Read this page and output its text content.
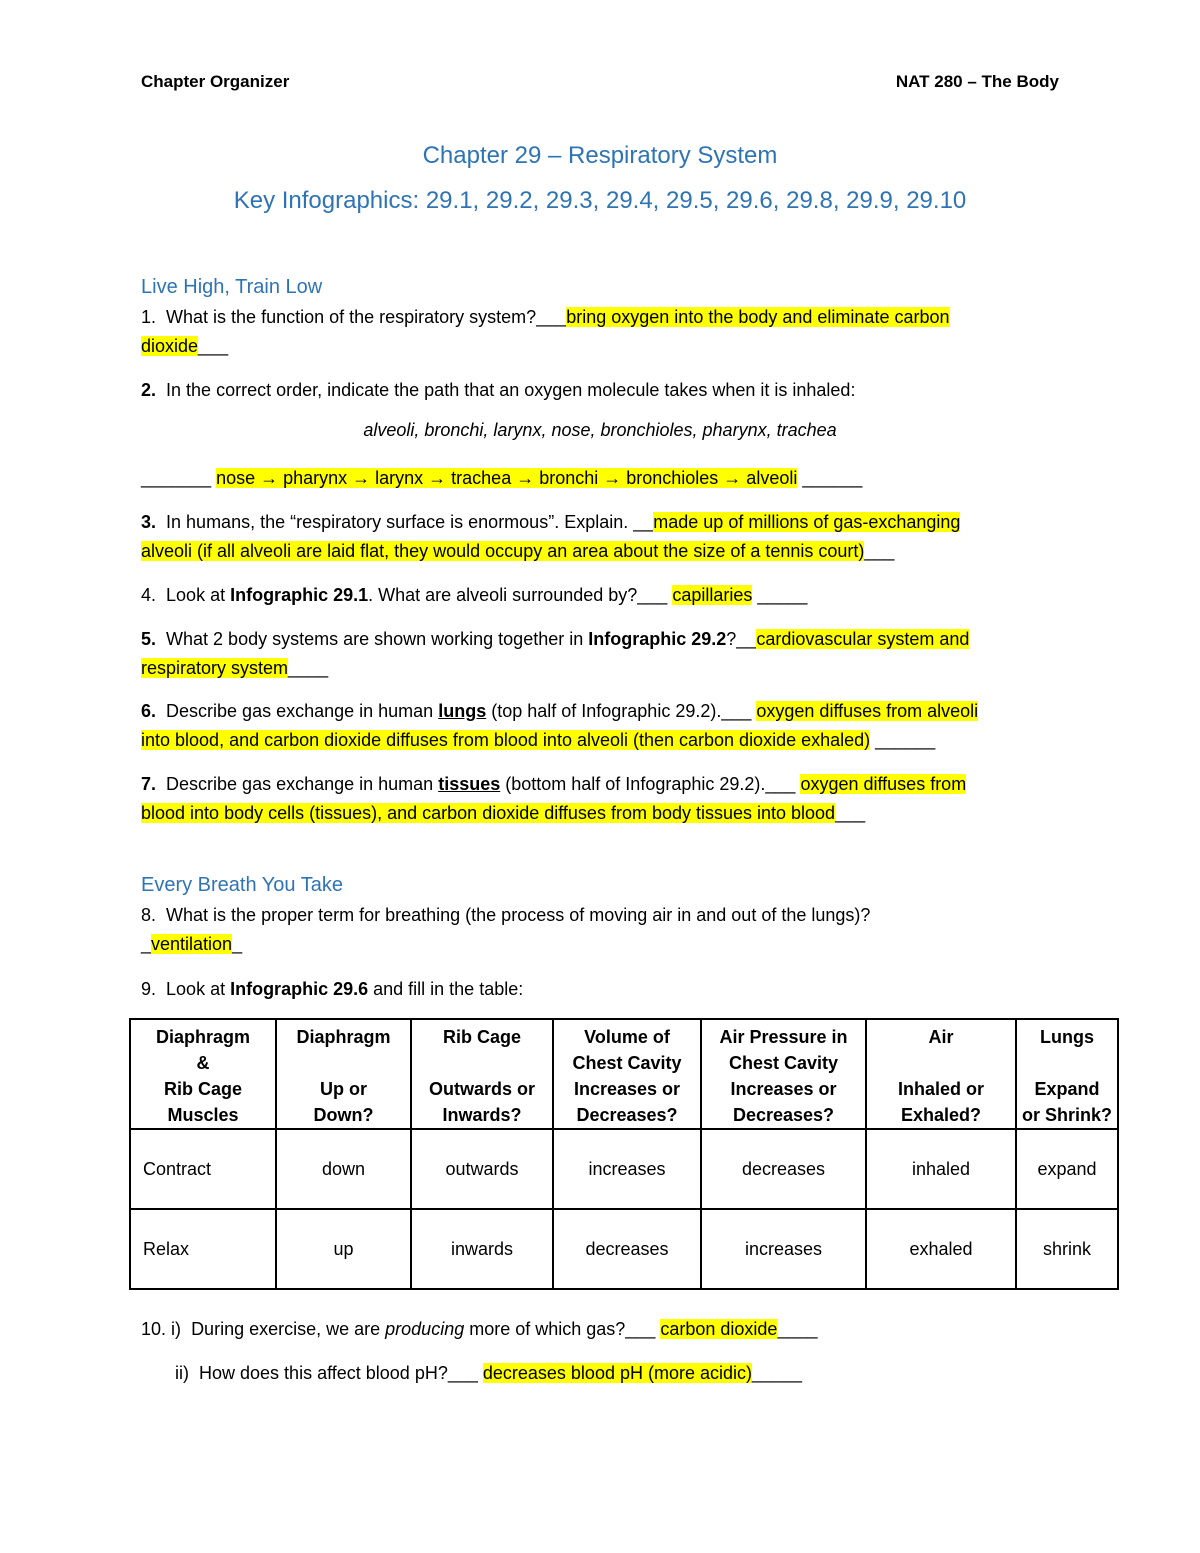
Chapter Organizer	NAT 280 – The Body
Chapter 29 – Respiratory System
Key Infographics: 29.1, 29.2, 29.3, 29.4, 29.5, 29.6, 29.8, 29.9, 29.10
Live High, Train Low
1. What is the function of the respiratory system?___bring oxygen into the body and eliminate carbon
dioxide___
2. In the correct order, indicate the path that an oxygen molecule takes when it is inhaled:
alveoli, bronchi, larynx, nose, bronchioles, pharynx, trachea
_______ nose → pharynx → larynx → trachea → bronchi → bronchioles → alveoli ______
3. In humans, the “respiratory surface is enormous”. Explain. __made up of millions of gas-exchanging
alveoli (if all alveoli are laid flat, they would occupy an area about the size of a tennis court)___
4. Look at Infographic 29.1. What are alveoli surrounded by?___ capillaries _____
5. What 2 body systems are shown working together in Infographic 29.2?__cardiovascular system and
respiratory system____
6. Describe gas exchange in human lungs (top half of Infographic 29.2).___ oxygen diffuses from alveoli
into blood, and carbon dioxide diffuses from blood into alveoli (then carbon dioxide exhaled) ______
7. Describe gas exchange in human tissues (bottom half of Infographic 29.2).___ oxygen diffuses from
blood into body cells (tissues), and carbon dioxide diffuses from body tissues into blood___
Every Breath You Take
8. What is the proper term for breathing (the process of moving air in and out of the lungs)?
_ventilation_
9. Look at Infographic 29.6 and fill in the table:
Diaphragm
&
Rib Cage
Muscles	Diaphragm

Up or
Down?	Rib Cage

Outwards or
Inwards?	Volume of
Chest Cavity
Increases or
Decreases?	Air Pressure in
Chest Cavity
Increases or
Decreases?	Air

Inhaled or
Exhaled?	Lungs

Expand
or Shrink?
Contract	down	outwards	increases	decreases	inhaled	expand
Relax	up	inwards	decreases	increases	exhaled	shrink
10. i) During exercise, we are producing more of which gas?___ carbon dioxide____
ii) How does this affect blood pH?___ decreases blood pH (more acidic)_____
